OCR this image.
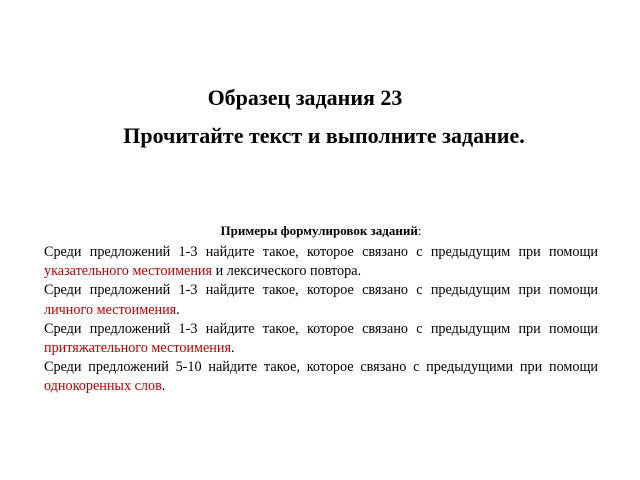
Образец задания 23
Прочитайте текст и выполните задание.

Примеры формулировок заданий:

Среди предложений 1-3 найдите такое, которое связано с предыдущим при помощи указательного местоимения и лексического повтора.

Среди предложений 1-3 найдите такое, которое связано с предыдущим при помощи личного местоимения.

Среди предложений 1-3 найдите такое, которое связано с предыдущим при помощи притяжательного местоимения.

Среди предложений 5-10 найдите такое, которое связано с предыдущими при помощи однокоренных слов.
